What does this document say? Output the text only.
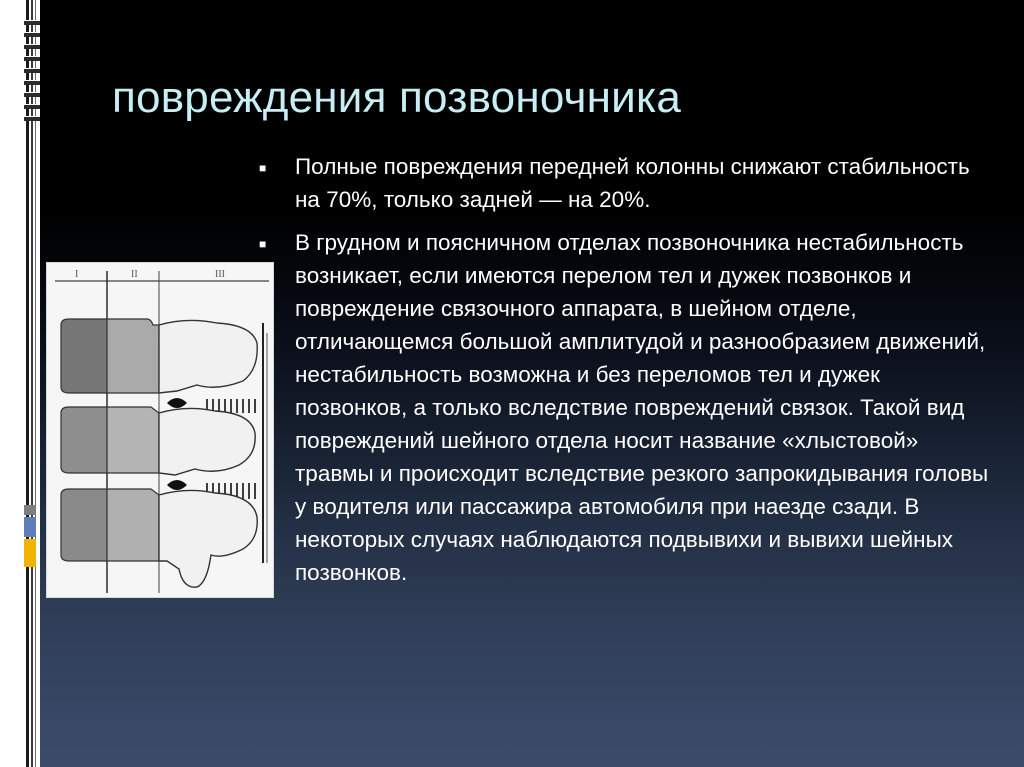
повреждения позвоночника
I	II	III
■	Полные повреждения передней колонны снижают стабильность на 70%, только задней — на 20%.
■	В грудном и поясничном отделах позвоночника нестабильность возникает, если имеются перелом тел и дужек позвонков и повреждение связочного аппарата, в шейном отделе, отличающемся большой амплитудой и разнообразием движений, нестабильность возможна и без переломов тел и дужек позвонков, а только вследствие повреждений связок. Такой вид повреждений шейного отдела носит название «хлыстовой» травмы и происходит вследствие резкого запрокидывания головы у водителя или пассажира автомобиля при наезде сзади. В некоторых случаях наблюдаются подвывихи и вывихи шейных позвонков.
